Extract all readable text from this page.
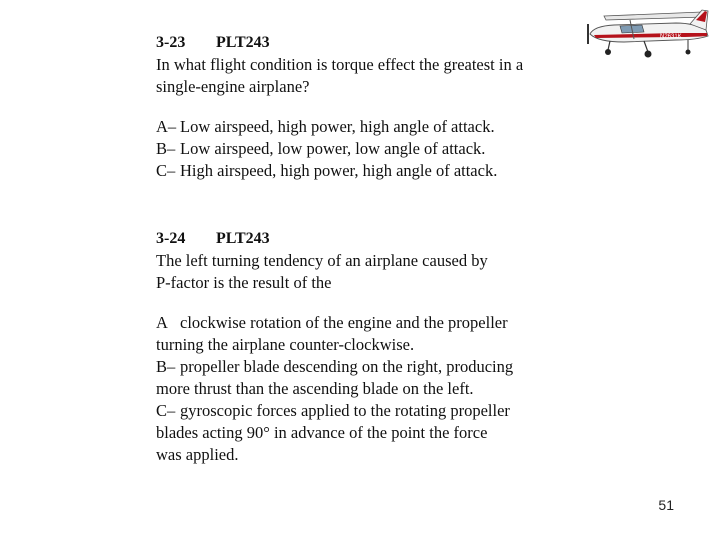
N2631K
3-23 PLT243
In what flight condition is torque effect the greatest in a
single-engine airplane?
A– Low airspeed, high power, high angle of attack.
B– Low airspeed, low power, low angle of attack.
C– High airspeed, high power, high angle of attack.
3-24 PLT243
The left turning tendency of an airplane caused by
P-factor is the result of the
A clockwise rotation of the engine and the propeller
turning the airplane counter-clockwise.
B– propeller blade descending on the right, producing
more thrust than the ascending blade on the left.
C– gyroscopic forces applied to the rotating propeller
blades acting 90° in advance of the point the force
was applied.
51
